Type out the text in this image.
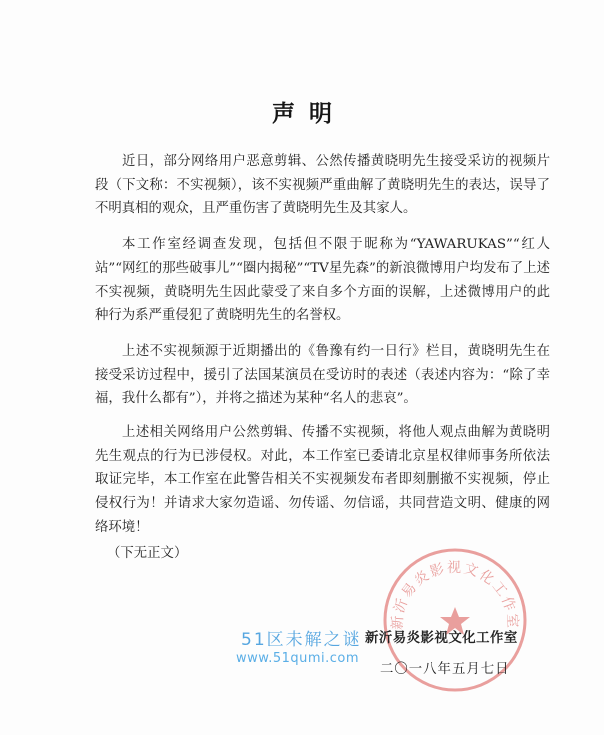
声明

近日，部分网络用户恶意剪辑、公然传播黄晓明先生接受采访的视频片段（下文称：不实视频），该不实视频严重曲解了黄晓明先生的表达，误导了不明真相的观众，且严重伤害了黄晓明先生及其家人。

本工作室经调查发现，包括但不限于昵称为“YAWARUKAS”“红人站”“网红的那些破事儿”“圈内揭秘”“TV星先森”的新浪微博用户均发布了上述不实视频，黄晓明先生因此蒙受了来自多个方面的误解，上述微博用户的此种行为系严重侵犯了黄晓明先生的名誉权。

上述不实视频源于近期播出的《鲁豫有约一日行》栏目，黄晓明先生在接受采访过程中，援引了法国某演员在受访时的表述（表述内容为：“除了幸福，我什么都有”），并将之描述为某种“名人的悲哀”。

上述相关网络用户公然剪辑、传播不实视频，将他人观点曲解为黄晓明先生观点的行为已涉侵权。对此，本工作室已委请北京星权律师事务所依法取证完毕，本工作室在此警告相关不实视频发布者即刻删撤不实视频，停止侵权行为！并请求大家勿造谣、勿传谣、勿信谣，共同营造文明、健康的网络环境！

（下无正文）

新沂易炎影视文化工作室
新沂易炎影视文化工作室
二〇一八年五月七日
51区未解之谜
www.51qumi.com
